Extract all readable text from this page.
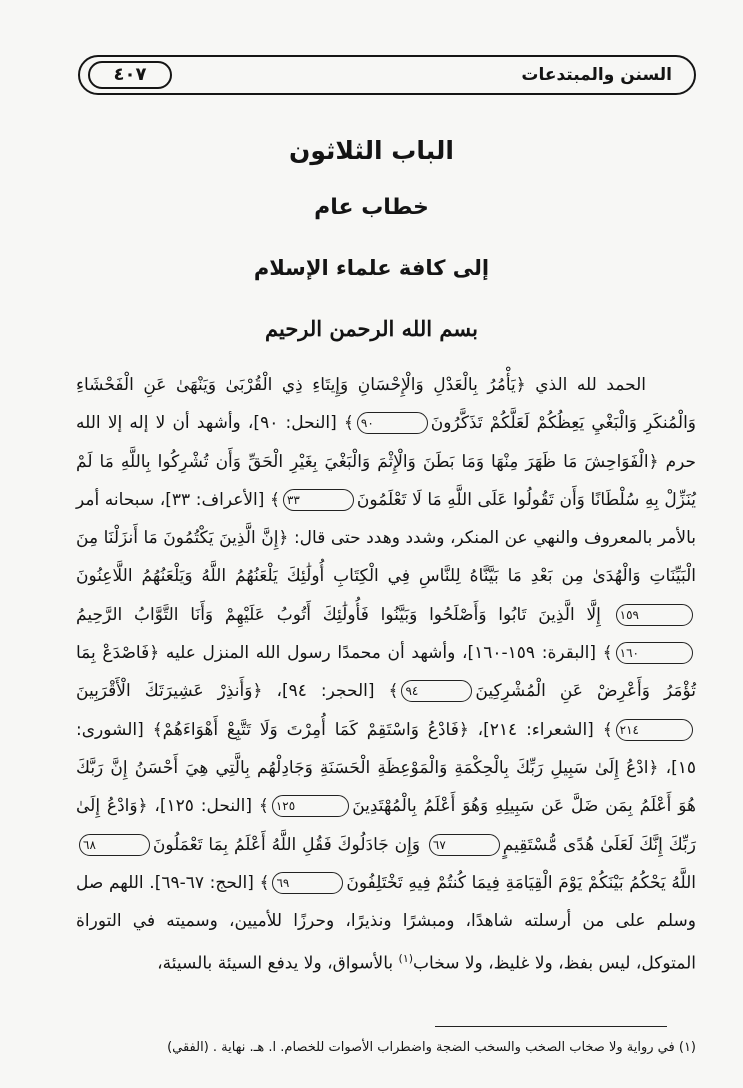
السنن والمبتدعات
٤٠٧
الباب الثلاثون
خطاب عام
إلى كافة علماء الإسلام
بسم الله الرحمن الرحيم

الحمد لله الذي ﴿يَأْمُرُ بِالْعَدْلِ وَالْإِحْسَانِ وَإِيتَاءِ ذِي الْقُرْبَىٰ وَيَنْهَىٰ عَنِ الْفَحْشَاءِ وَالْمُنكَرِ وَالْبَغْيِ يَعِظُكُمْ لَعَلَّكُمْ تَذَكَّرُونَ٩٠﴾ [النحل: ٩٠]، وأشهد أن لا إله إلا الله حرم ﴿الْفَوَاحِشَ مَا ظَهَرَ مِنْهَا وَمَا بَطَنَ وَالْإِثْمَ وَالْبَغْيَ بِغَيْرِ الْحَقِّ وَأَن تُشْرِكُوا بِاللَّهِ مَا لَمْ يُنَزِّلْ بِهِ سُلْطَانًا وَأَن تَقُولُوا عَلَى اللَّهِ مَا لَا تَعْلَمُونَ٣٣﴾ [الأعراف: ٣٣]، سبحانه أمر بالأمر بالمعروف والنهي عن المنكر، وشدد وهدد حتى قال: ﴿إِنَّ الَّذِينَ يَكْتُمُونَ مَا أَنزَلْنَا مِنَ الْبَيِّنَاتِ وَالْهُدَىٰ مِن بَعْدِ مَا بَيَّنَّاهُ لِلنَّاسِ فِي الْكِتَابِ أُولَٰئِكَ يَلْعَنُهُمُ اللَّهُ وَيَلْعَنُهُمُ اللَّاعِنُونَ١٥٩ إِلَّا الَّذِينَ تَابُوا وَأَصْلَحُوا وَبَيَّنُوا فَأُولَٰئِكَ أَتُوبُ عَلَيْهِمْ وَأَنَا التَّوَّابُ الرَّحِيمُ١٦٠﴾ [البقرة: ١٥٩-١٦٠]، وأشهد أن محمدًا رسول الله المنزل عليه ﴿فَاصْدَعْ بِمَا تُؤْمَرُ وَأَعْرِضْ عَنِ الْمُشْرِكِينَ٩٤﴾ [الحجر: ٩٤]، ﴿وَأَنذِرْ عَشِيرَتَكَ الْأَقْرَبِينَ٢١٤﴾ [الشعراء: ٢١٤]، ﴿فَادْعُ وَاسْتَقِمْ كَمَا أُمِرْتَ وَلَا تَتَّبِعْ أَهْوَاءَهُمْ﴾ [الشورى: ١٥]، ﴿ادْعُ إِلَىٰ سَبِيلِ رَبِّكَ بِالْحِكْمَةِ وَالْمَوْعِظَةِ الْحَسَنَةِ وَجَادِلْهُم بِالَّتِي هِيَ أَحْسَنُ إِنَّ رَبَّكَ هُوَ أَعْلَمُ بِمَن ضَلَّ عَن سَبِيلِهِ وَهُوَ أَعْلَمُ بِالْمُهْتَدِينَ١٢٥﴾ [النحل: ١٢٥]، ﴿وَادْعُ إِلَىٰ رَبِّكَ إِنَّكَ لَعَلَىٰ هُدًى مُّسْتَقِيمٍ٦٧ وَإِن جَادَلُوكَ فَقُلِ اللَّهُ أَعْلَمُ بِمَا تَعْمَلُونَ٦٨ اللَّهُ يَحْكُمُ بَيْنَكُمْ يَوْمَ الْقِيَامَةِ فِيمَا كُنتُمْ فِيهِ تَخْتَلِفُونَ٦٩﴾ [الحج: ٦٧-٦٩]. اللهم صل وسلم على من أرسلته شاهدًا، ومبشرًا ونذيرًا، وحرزًا للأميين، وسميته في التوراة المتوكل، ليس بفظ، ولا غليظ، ولا سخاب$^{(١)}$ بالأسواق، ولا يدفع السيئة بالسيئة،

(١) في رواية ولا صخاب الصخب والسخب الضجة واضطراب الأصوات للخصام. ا. هـ. نهاية . (الفقي)
